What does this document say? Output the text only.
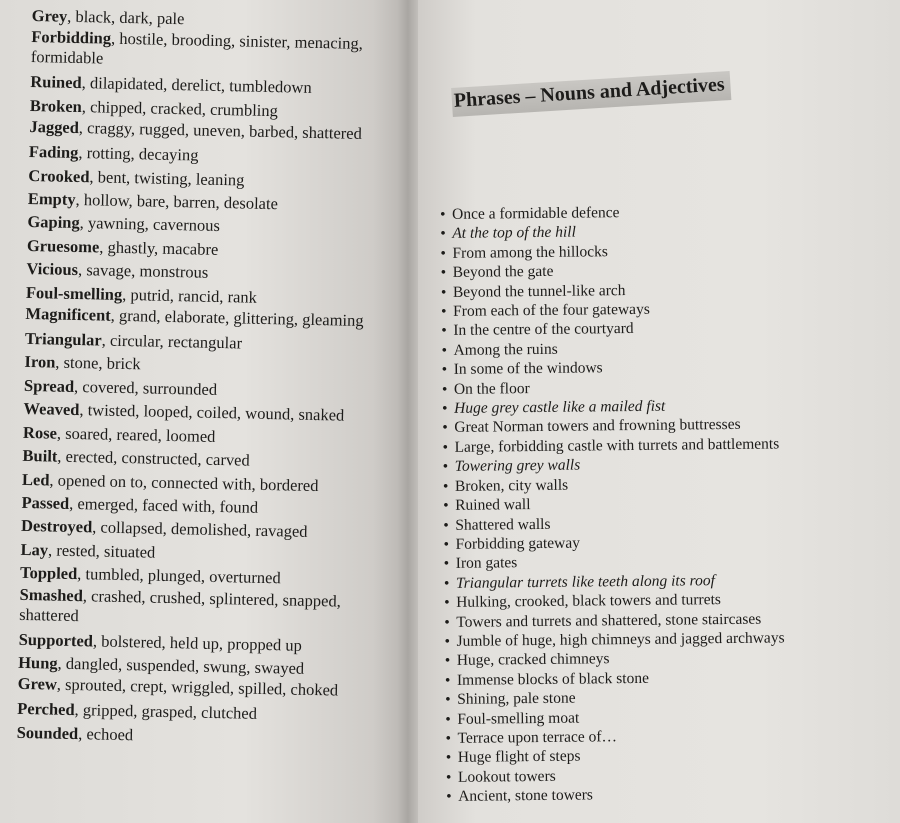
Grey, black, dark, pale
Forbidding, hostile, brooding, sinister, menacing, formidable
Ruined, dilapidated, derelict, tumbledown
Broken, chipped, cracked, crumbling
Jagged, craggy, rugged, uneven, barbed, shattered
Fading, rotting, decaying
Crooked, bent, twisting, leaning
Empty, hollow, bare, barren, desolate
Gaping, yawning, cavernous
Gruesome, ghastly, macabre
Vicious, savage, monstrous
Foul-smelling, putrid, rancid, rank
Magnificent, grand, elaborate, glittering, gleaming
Triangular, circular, rectangular
Iron, stone, brick
Spread, covered, surrounded
Weaved, twisted, looped, coiled, wound, snaked
Rose, soared, reared, loomed
Built, erected, constructed, carved
Led, opened on to, connected with, bordered
Passed, emerged, faced with, found
Destroyed, collapsed, demolished, ravaged
Lay, rested, situated
Toppled, tumbled, plunged, overturned
Smashed, crashed, crushed, splintered, snapped, shattered
Supported, bolstered, held up, propped up
Hung, dangled, suspended, swung, swayed
Grew, sprouted, crept, wriggled, spilled, choked
Perched, gripped, grasped, clutched
Sounded, echoed
Phrases – Nouns and Adjectives
• Once a formidable defence
• At the top of the hill
• From among the hillocks
• Beyond the gate
• Beyond the tunnel-like arch
• From each of the four gateways
• In the centre of the courtyard
• Among the ruins
• In some of the windows
• On the floor
• Huge grey castle like a mailed fist
• Great Norman towers and frowning buttresses
• Large, forbidding castle with turrets and battlements
• Towering grey walls
• Broken, city walls
• Ruined wall
• Shattered walls
• Forbidding gateway
• Iron gates
• Triangular turrets like teeth along its roof
• Hulking, crooked, black towers and turrets
• Towers and turrets and shattered, stone staircases
• Jumble of huge, high chimneys and jagged archways
• Huge, cracked chimneys
• Immense blocks of black stone
• Shining, pale stone
• Foul-smelling moat
• Terrace upon terrace of…
• Huge flight of steps
• Lookout towers
• Ancient, stone towers
